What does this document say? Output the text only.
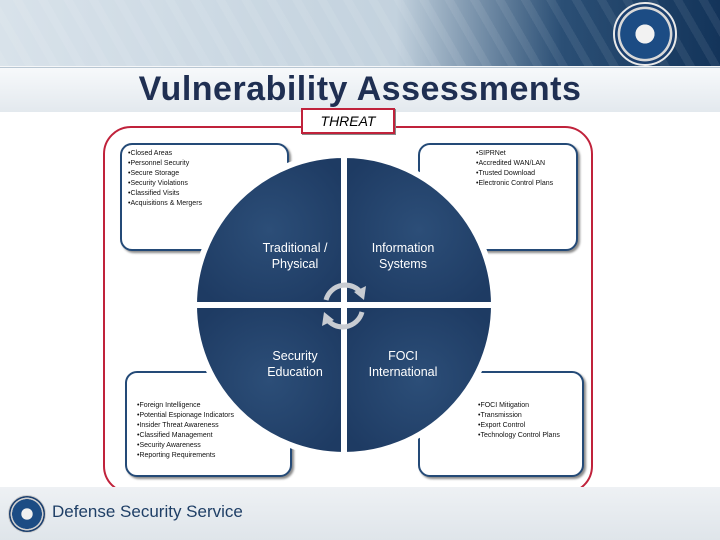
Vulnerability Assessments
• Closed Areas
• Personnel Security
• Secure Storage
• Security Violations
• Classified Visits
• Acquisitions & Mergers
• SIPRNet
• Accredited WAN/LAN
• Trusted Download
• Electronic Control Plans
• Foreign Intelligence
• Potential Espionage Indicators
• Insider Threat Awareness
• Classified Management
• Security Awareness
• Reporting Requirements
• FOCI Mitigation
• Transmission
• Export Control
• Technology Control Plans
Traditional /
Physical
Information
Systems
Security
Education
FOCI
International
THREAT
Defense Security Service
